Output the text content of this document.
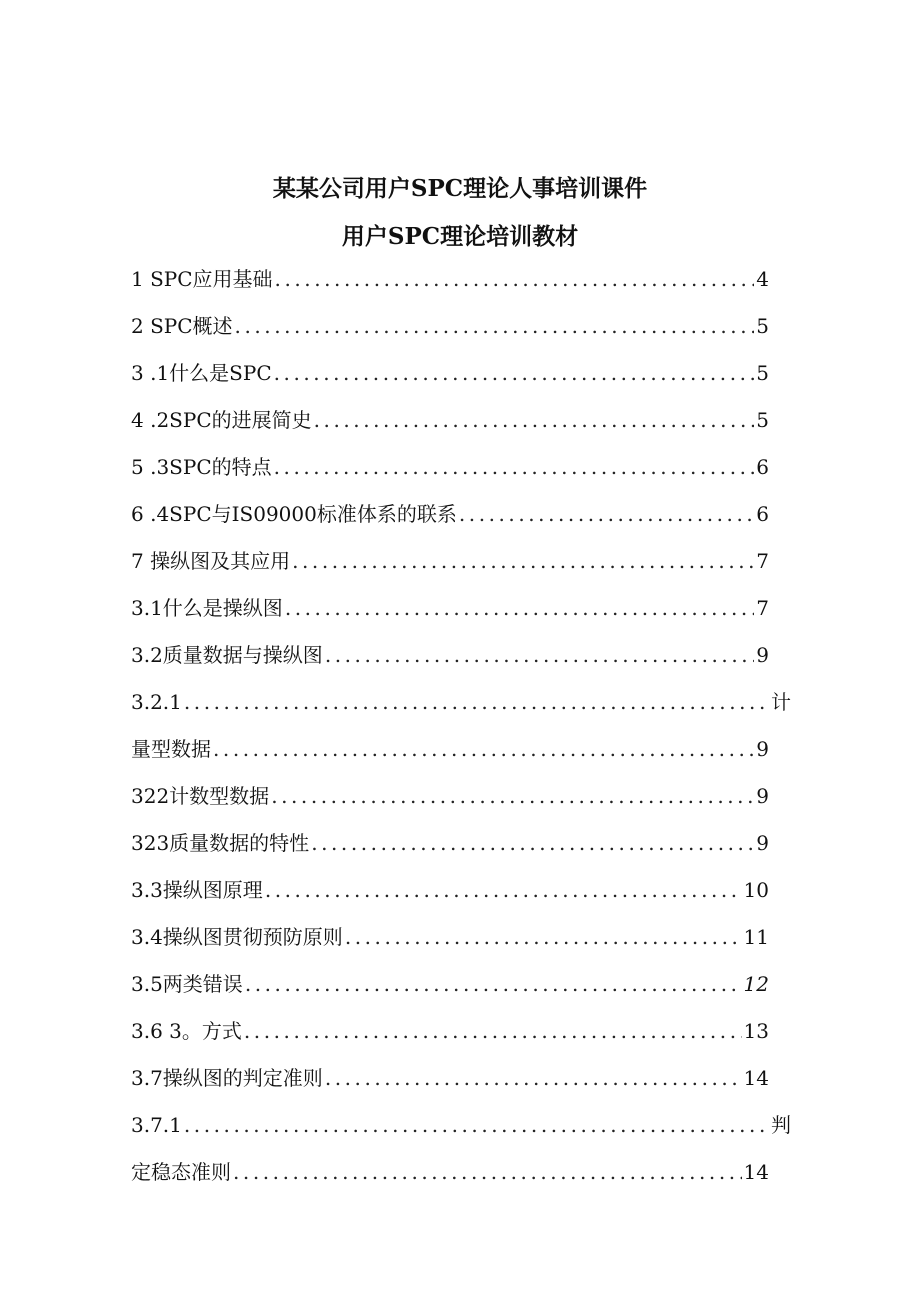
某某公司用户SPC理论人事培训课件
用户SPC理论培训教材
1 SPC应用基础 . . .	4
2 SPC概述 . . .	5
3 .1什么是SPC . . .	5
4 .2SPC的进展简史 . . .	5
5 .3SPC的特点 . . .	6
6 .4SPC与IS09000标准体系的联系 . . .	6
7 操纵图及其应用 . . .	7
3.1什么是操纵图 . . .	7
3.2质量数据与操纵图 . . .	9
3.2.1 . . .	计
量型数据 . . .	9
322计数型数据 . . .	9
323质量数据的特性 . . .	9
3.3操纵图原理 . . .	10
3.4操纵图贯彻预防原则 . . .	11
3.5两类错误 . . .	12
3.6 3。方式 . . .	13
3.7操纵图的判定准则 . . .	14
3.7.1 . . .	判
定稳态准则 . . .	14
